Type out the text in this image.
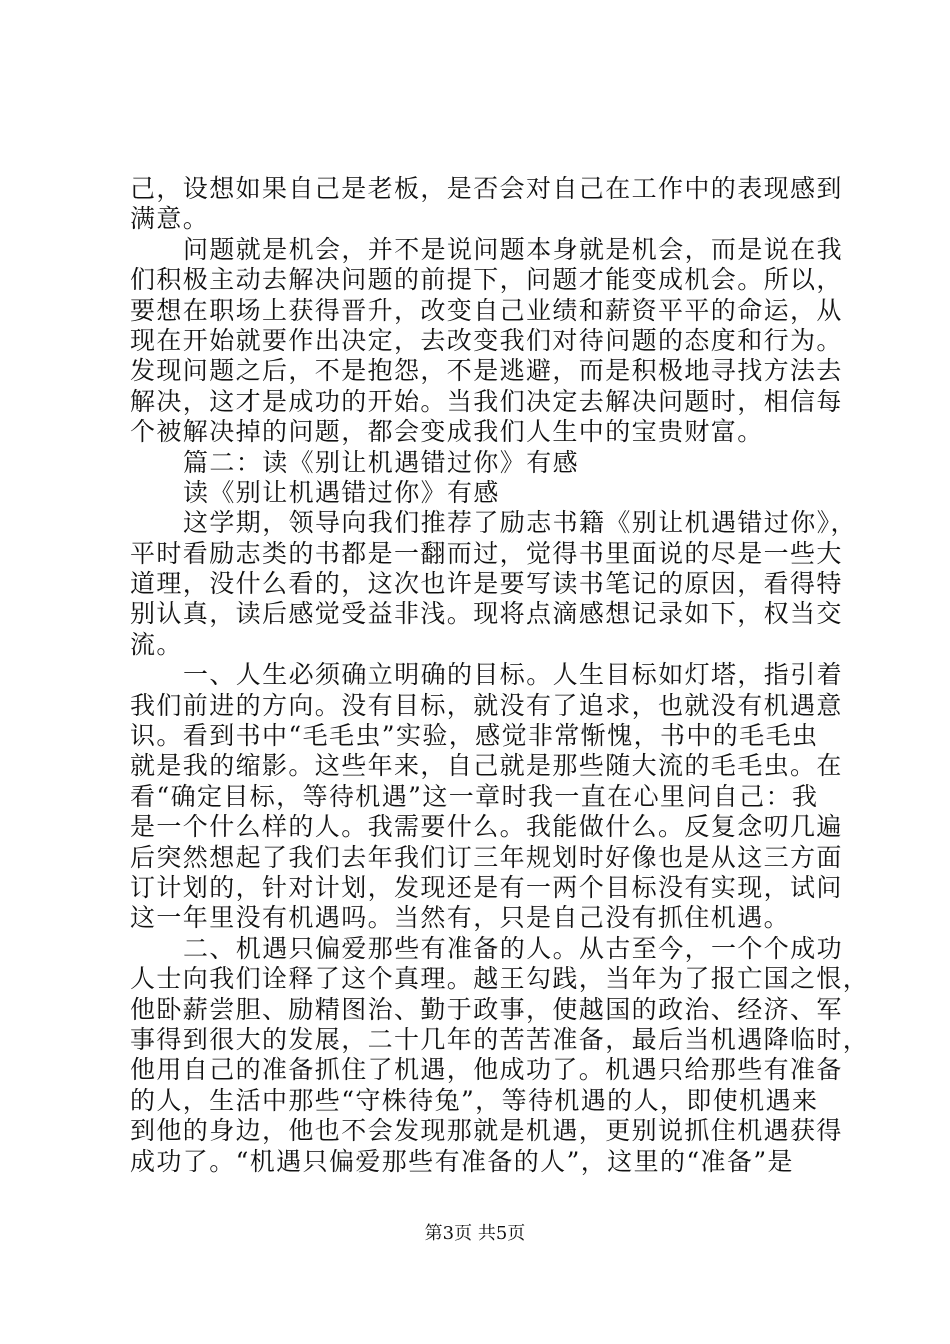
己，设想如果自己是老板，是否会对自己在工作中的表现感到
满意。
问题就是机会，并不是说问题本身就是机会，而是说在我
们积极主动去解决问题的前提下，问题才能变成机会。所以，
要想在职场上获得晋升，改变自己业绩和薪资平平的命运，从
现在开始就要作出决定，去改变我们对待问题的态度和行为。
发现问题之后，不是抱怨，不是逃避，而是积极地寻找方法去
解决，这才是成功的开始。当我们决定去解决问题时，相信每
个被解决掉的问题，都会变成我们人生中的宝贵财富。
篇二：读《别让机遇错过你》有感
读《别让机遇错过你》有感
这学期，领导向我们推荐了励志书籍《别让机遇错过你》，
平时看励志类的书都是一翻而过，觉得书里面说的尽是一些大
道理，没什么看的，这次也许是要写读书笔记的原因，看得特
别认真，读后感觉受益非浅。现将点滴感想记录如下，权当交
流。
一、人生必须确立明确的目标。人生目标如灯塔，指引着
我们前进的方向。没有目标，就没有了追求，也就没有机遇意
识。看到书中“毛毛虫”实验，感觉非常惭愧，书中的毛毛虫
就是我的缩影。这些年来，自己就是那些随大流的毛毛虫。在
看“确定目标，等待机遇”这一章时我一直在心里问自己：我
是一个什么样的人。我需要什么。我能做什么。反复念叨几遍
后突然想起了我们去年我们订三年规划时好像也是从这三方面
订计划的，针对计划，发现还是有一两个目标没有实现，试问
这一年里没有机遇吗。当然有，只是自己没有抓住机遇。
二、机遇只偏爱那些有准备的人。从古至今，一个个成功
人士向我们诠释了这个真理。越王勾践，当年为了报亡国之恨，
他卧薪尝胆、励精图治、勤于政事，使越国的政治、经济、军
事得到很大的发展，二十几年的苦苦准备，最后当机遇降临时，
他用自己的准备抓住了机遇，他成功了。机遇只给那些有准备
的人，生活中那些“守株待兔”，等待机遇的人，即使机遇来
到他的身边，他也不会发现那就是机遇，更别说抓住机遇获得
成功了。“机遇只偏爱那些有准备的人”，这里的“准备”是
第3页 共5页
